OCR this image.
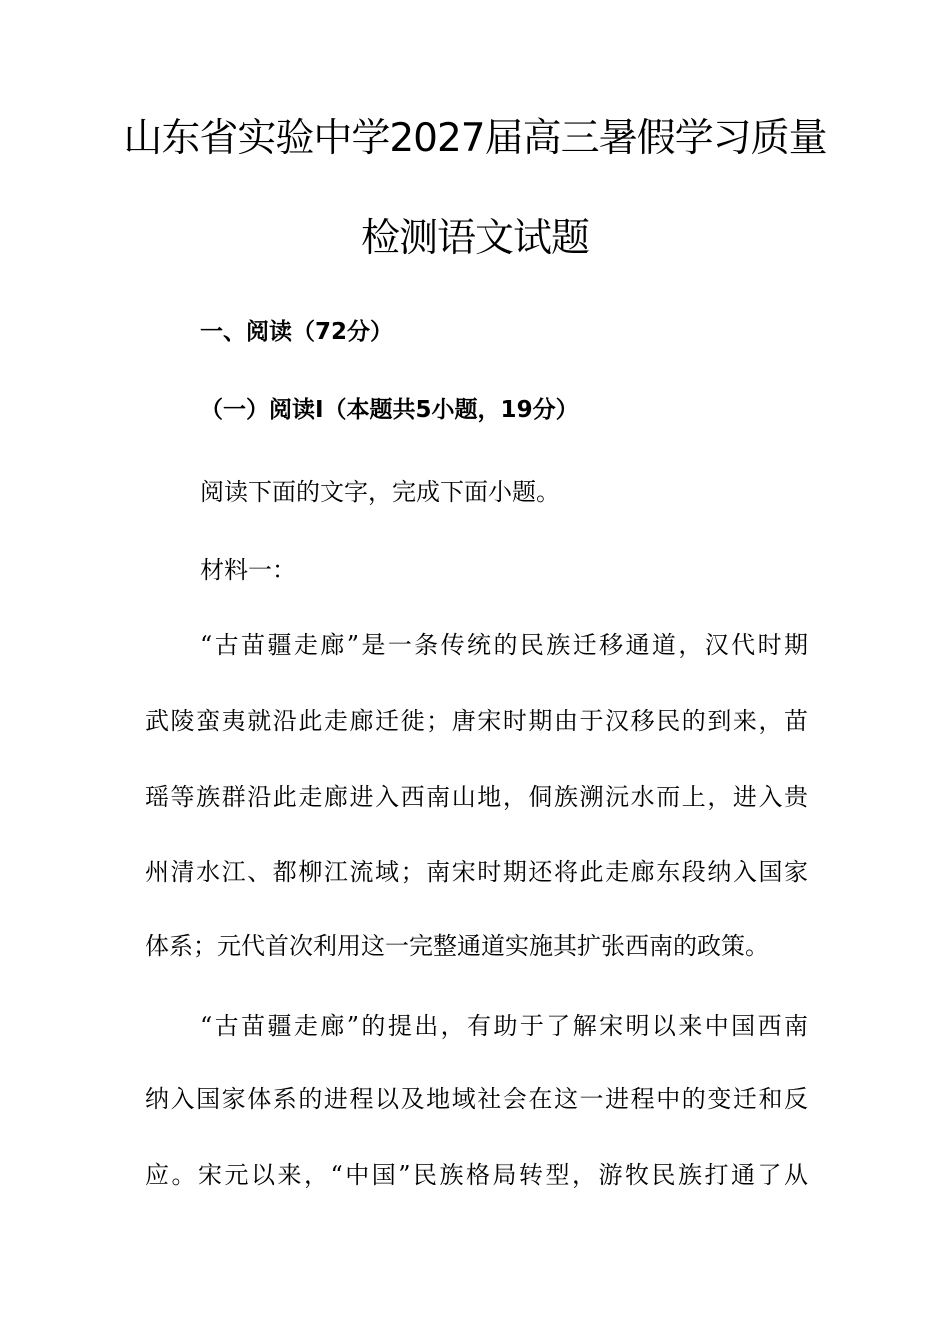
山东省实验中学2027届高三暑假学习质量
检测语文试题
一、阅读（72分）
（一）阅读Ⅰ（本题共5小题，19分）
阅读下面的文字，完成下面小题。
材料一：
“古苗疆走廊”是一条传统的民族迁移通道，汉代时期
武陵蛮夷就沿此走廊迁徙；唐宋时期由于汉移民的到来，苗
瑶等族群沿此走廊进入西南山地，侗族溯沅水而上，进入贵
州清水江、都柳江流域；南宋时期还将此走廊东段纳入国家
体系；元代首次利用这一完整通道实施其扩张西南的政策。
“古苗疆走廊”的提出，有助于了解宋明以来中国西南
纳入国家体系的进程以及地域社会在这一进程中的变迁和反
应。宋元以来，“中国”民族格局转型，游牧民族打通了从
